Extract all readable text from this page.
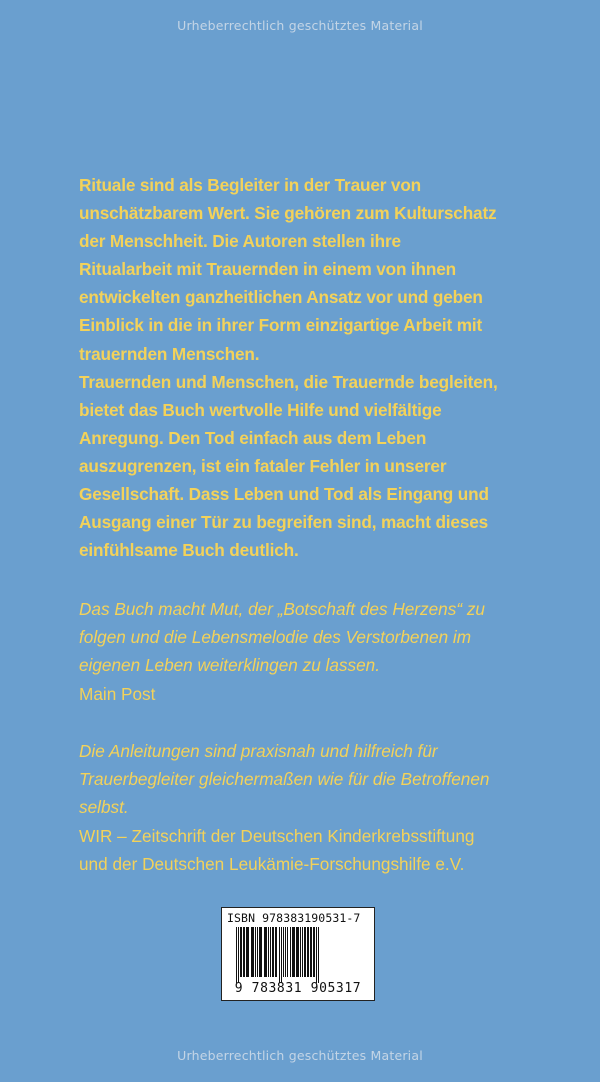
Urheberrechtlich geschütztes Material
Rituale sind als Begleiter in der Trauer von
unschätzbarem Wert. Sie gehören zum Kulturschatz
der Menschheit. Die Autoren stellen ihre
Ritualarbeit mit Trauernden in einem von ihnen
entwickelten ganzheitlichen Ansatz vor und geben
Einblick in die in ihrer Form einzigartige Arbeit mit
trauernden Menschen.
Trauernden und Menschen, die Trauernde begleiten,
bietet das Buch wertvolle Hilfe und vielfältige
Anregung. Den Tod einfach aus dem Leben
auszugrenzen, ist ein fataler Fehler in unserer
Gesellschaft. Dass Leben und Tod als Eingang und
Ausgang einer Tür zu begreifen sind, macht dieses
einfühlsame Buch deutlich.
Das Buch macht Mut, der „Botschaft des Herzens“ zu
folgen und die Lebensmelodie des Verstorbenen im
eigenen Leben weiterklingen zu lassen.
Main Post
Die Anleitungen sind praxisnah und hilfreich für
Trauerbegleiter gleichermaßen wie für die Betroffenen
selbst.
WIR – Zeitschrift der Deutschen Kinderkrebsstiftung
und der Deutschen Leukämie-Forschungshilfe e.V.
ISBN 978383190531-7
9 783831 905317
Urheberrechtlich geschütztes Material
